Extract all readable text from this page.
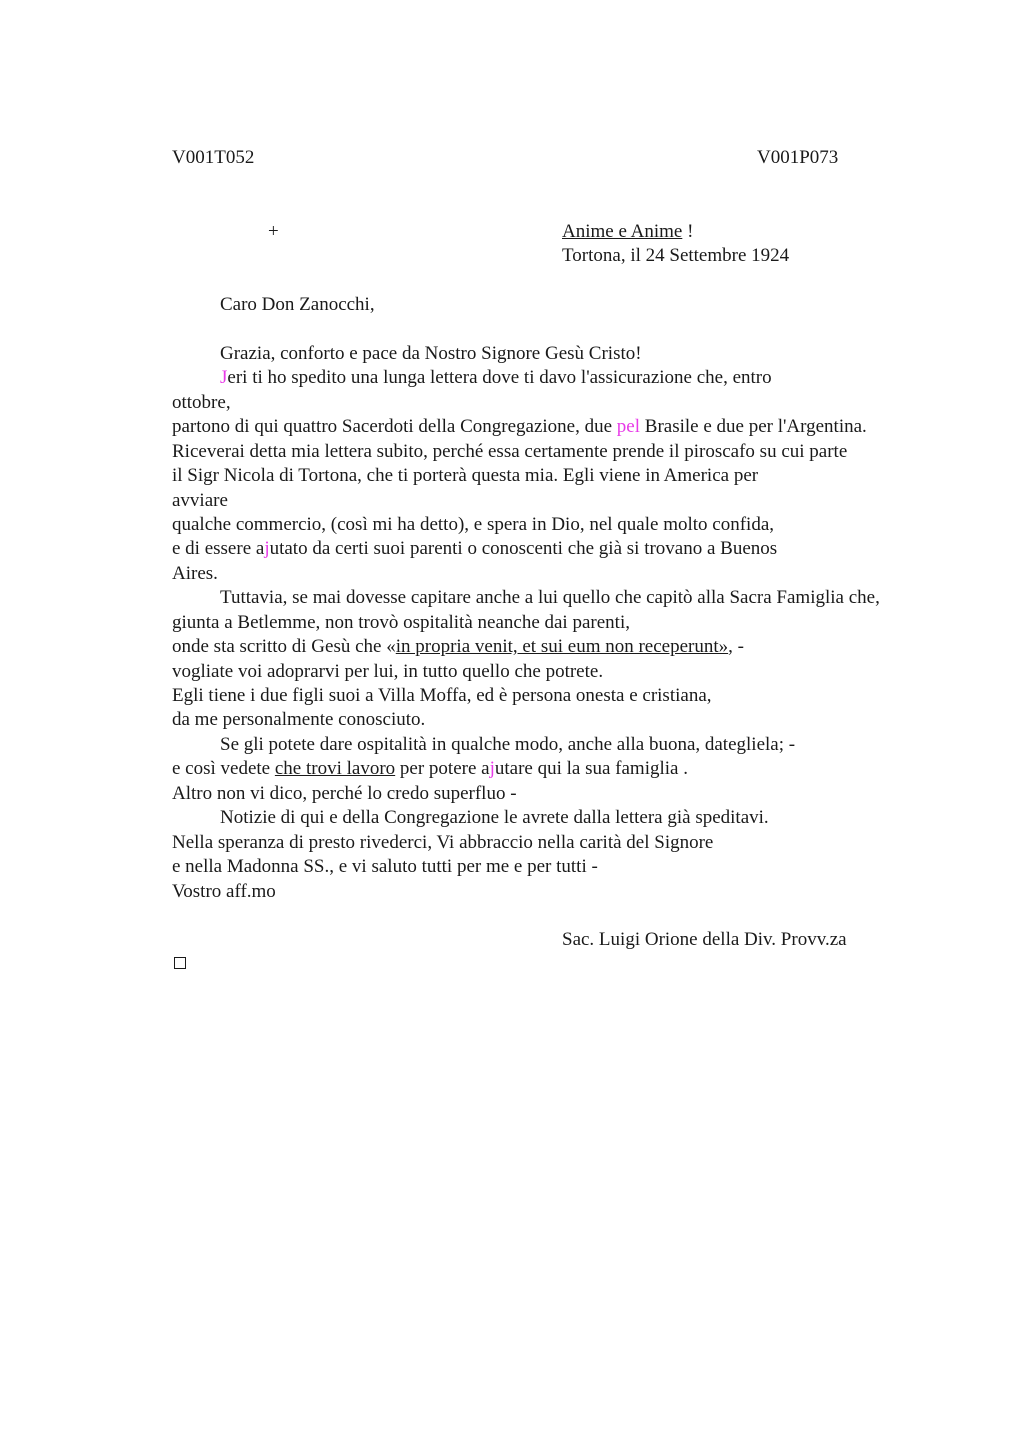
V001T052	V001P073
+	Anime e Anime !
Tortona, il 24 Settembre 1924
Caro Don Zanocchi,
Grazia, conforto e pace da Nostro Signore Gesù Cristo!
Jeri ti ho spedito una lunga lettera dove ti davo l'assicurazione che, entro
ottobre,
partono di qui quattro Sacerdoti della Congregazione, due pel Brasile e due per l'Argentina.
Riceverai detta mia lettera subito, perché essa certamente prende il piroscafo su cui parte
il Sigr Nicola di Tortona, che ti porterà questa mia. Egli viene in America per
avviare
qualche commercio, (così mi ha detto), e spera in Dio, nel quale molto confida,
e di essere ajutato da certi suoi parenti o conoscenti che già si trovano a Buenos
Aires.
Tuttavia, se mai dovesse capitare anche a lui quello che capitò alla Sacra Famiglia che,
giunta a Betlemme, non trovò ospitalità neanche dai parenti,
onde sta scritto di Gesù che «in propria venit, et sui eum non receperunt», -
vogliate voi adoprarvi per lui, in tutto quello che potrete.
Egli tiene i due figli suoi a Villa Moffa, ed è persona onesta e cristiana,
da me personalmente conosciuto.
Se gli potete dare ospitalità in qualche modo, anche alla buona, dategliela; -
e così vedete che trovi lavoro per potere ajutare qui la sua famiglia .
Altro non vi dico, perché lo credo superfluo -
Notizie di qui e della Congregazione le avrete dalla lettera già speditavi.
Nella speranza di presto rivederci, Vi abbraccio nella carità del Signore
e nella Madonna SS., e vi saluto tutti per me e per tutti -
Vostro aff.mo
Sac. Luigi Orione della Div. Provv.za
